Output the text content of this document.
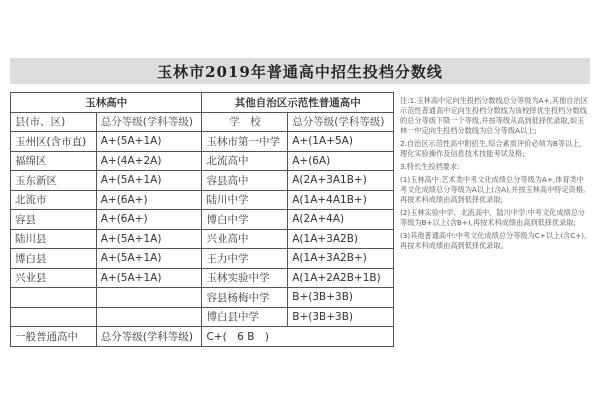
玉林市2019年普通高中招生投档分数线
玉林高中		其他自治区示范性普通高中	
县(市、区)	总分等级(学科等级)	学　校	总分等级(学科等级)
玉州区(含市直)	A+(5A+1A)	玉林市第一中学	A+(1A+5A)
福绵区	A+(4A+2A)	北流高中	A+(6A)
玉东新区	A+(5A+1A)	容县高中	A(2A+3A1B+)
北流市	A+(6A+)	陆川中学	A(1A+4A1B+)
容县	A+(6A+)	博白中学	A(2A+4A)
陆川县	A+(5A+1A)	兴业高中	A(1A+3A2B)
博白县	A+(5A+1A)	王力中学	A(1A+3A2B+)
兴业县	A+(5A+1A)	玉林实验中学	A(1A+2A2B+1B)
		容县杨梅中学	B+(3B+3B)
		博白县中学	B+(3B+3B)
一般普通高中	总分等级(学科等级)	C+(　6 B　)	

注:1.玉林高中定向生投档分数线总分等级为A+,其他自治区示范性普通高中定向生投档分数线为该校择优生投档分数线的总分等级下降一个等级,并按等级从高到低择优录取,如玉林一中定向生投档分数线为总分等级A以上;

2.自治区示范性高中附招生,综合素质评价必须为B等以上,理化实验操作及信息技术技能考试及格;

3.特长生投档要求:

(1)玉林高中:艺术类中考文化成绩总分等级为A+,体育类中考文化成绩总分等级为A以上(含A),并按玉林高中特定资格,再按术科成绩由高到低择优录取;

(2)玉林实验中学、北流高中、陆川中学:中考文化成绩总分等级为B+以上(含B+),再按术科成绩由高到低择优录取;

(3)其他普通高中:中考文化成绩总分等级为C+以上(含C+),再按术科成绩由高到低择优录取。
